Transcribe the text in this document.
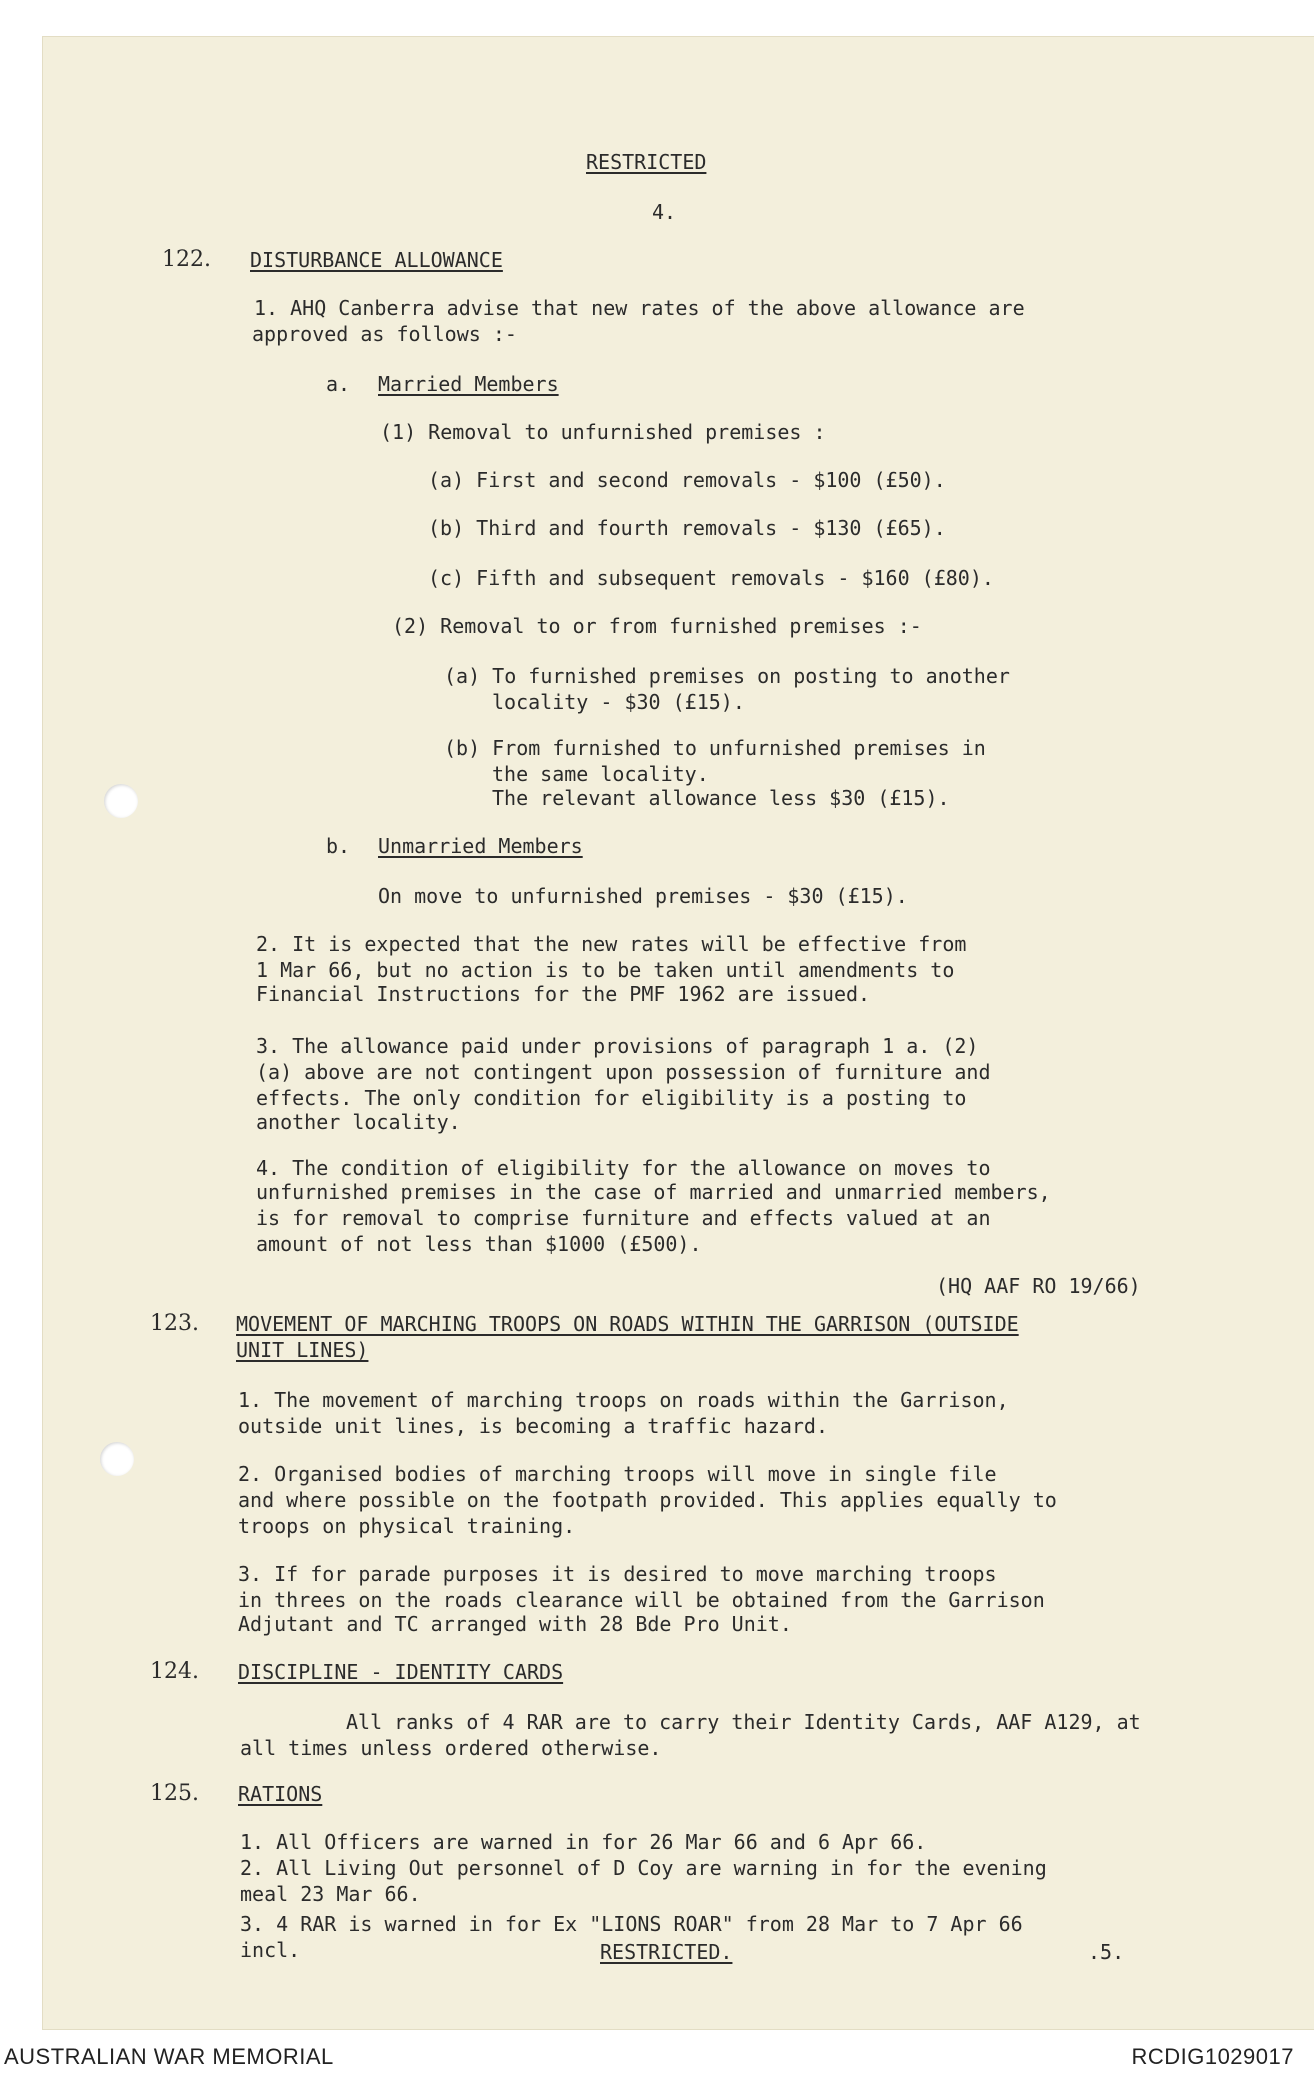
RESTRICTED
4.
122. DISTURBANCE ALLOWANCE
1. AHQ Canberra advise that new rates of the above allowance are
approved as follows :-
a. Married Members
(1) Removal to unfurnished premises :
(a) First and second removals - $100 (£50).
(b) Third and fourth removals - $130 (£65).
(c) Fifth and subsequent removals - $160 (£80).
(2) Removal to or from furnished premises :-
(a) To furnished premises on posting to another
locality - $30 (£15).
(b) From furnished to unfurnished premises in
the same locality.
The relevant allowance less $30 (£15).
b. Unmarried Members
On move to unfurnished premises - $30 (£15).
2. It is expected that the new rates will be effective from
1 Mar 66, but no action is to be taken until amendments to
Financial Instructions for the PMF 1962 are issued.
3. The allowance paid under provisions of paragraph 1 a. (2)
(a) above are not contingent upon possession of furniture and
effects. The only condition for eligibility is a posting to
another locality.
4. The condition of eligibility for the allowance on moves to
unfurnished premises in the case of married and unmarried members,
is for removal to comprise furniture and effects valued at an
amount of not less than $1000 (£500).
(HQ AAF RO 19/66)
123. MOVEMENT OF MARCHING TROOPS ON ROADS WITHIN THE GARRISON (OUTSIDE
UNIT LINES)
1. The movement of marching troops on roads within the Garrison,
outside unit lines, is becoming a traffic hazard.
2. Organised bodies of marching troops will move in single file
and where possible on the footpath provided. This applies equally to
troops on physical training.
3. If for parade purposes it is desired to move marching troops
in threes on the roads clearance will be obtained from the Garrison
Adjutant and TC arranged with 28 Bde Pro Unit.
124. DISCIPLINE - IDENTITY CARDS
All ranks of 4 RAR are to carry their Identity Cards, AAF A129, at
all times unless ordered otherwise.
125. RATIONS
1. All Officers are warned in for 26 Mar 66 and 6 Apr 66.
2. All Living Out personnel of D Coy are warning in for the evening
meal 23 Mar 66.
3. 4 RAR is warned in for Ex "LIONS ROAR" from 28 Mar to 7 Apr 66
incl.	RESTRICTED.	.5.
AUSTRALIAN WAR MEMORIAL	RCDIG1029017
